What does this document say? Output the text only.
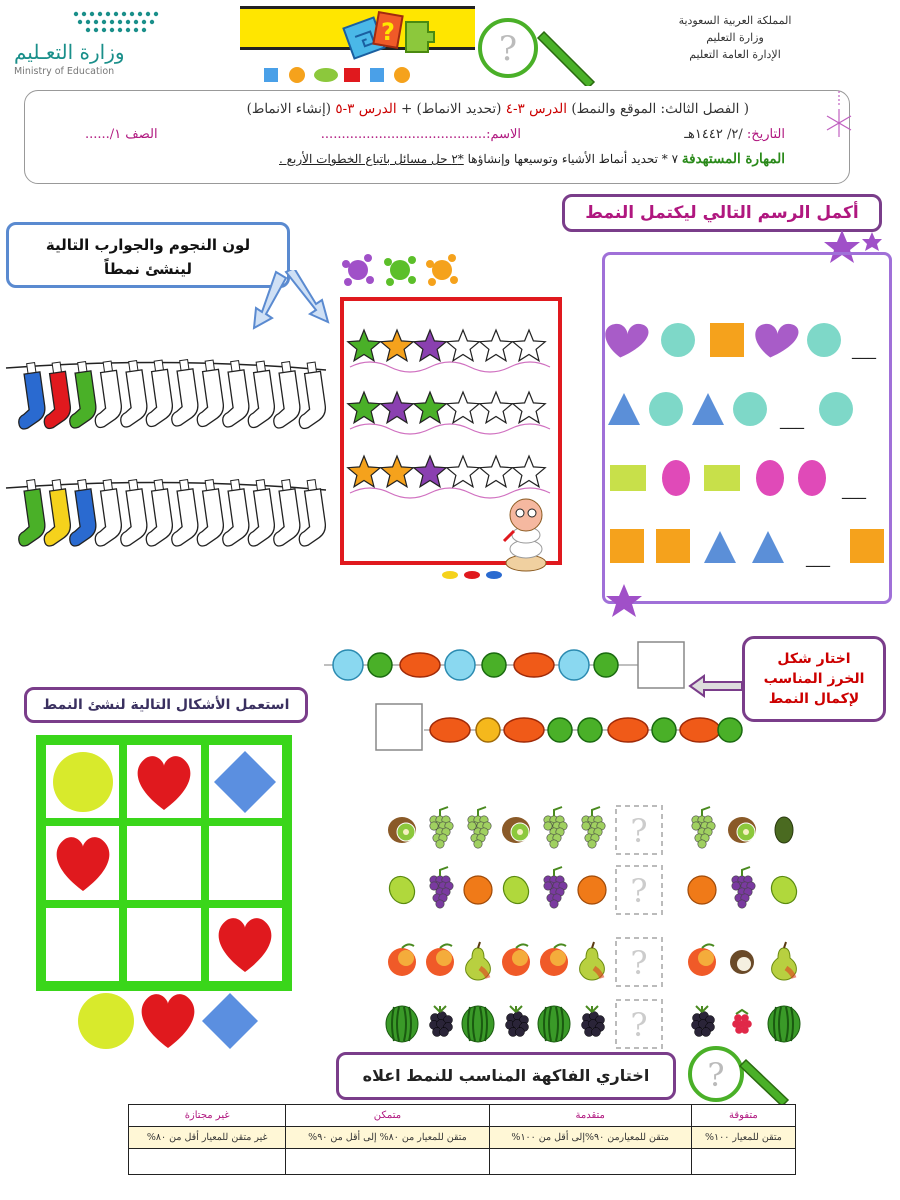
المملكة العربية السعودية
وزارة التعليم
الإدارة العامة التعليم
وزارة التعـليم
Ministry of Education
?	?
( الفصل الثالث: الموقع والنمط) الدرس ٣-٤ (تحديد الانماط) + الدرس ٣-٥ (إنشاء الانماط)
التاريخ: /٢/ ١٤٤٢هـ
الاسم:........................................
الصف ١/......
المهارة المستهدفة ٧ * تحديد أنماط الأشياء وتوسيعها وإنشاؤها *٢ حل مسائل باتباع الخطوات الأربع .
أكمل الرسم التالي ليكتمل النمط
___
___
___
___
لون النجوم والجوارب التالية
لينشئ نمطاً
اختار شكل
الخرز المناسب
لإكمال النمط
استعمل الأشكال التالية لنشئ النمط
?
?
?
?
اختاري الفاكهة المناسب للنمط اعلاه	?
متفوقة	متقدمة	متمكن	غير مجتازة
متقن للمعيار ١٠٠%	متقن للمعيارمن ٩٠%إلى أقل من ١٠٠%	متقن للمعيار من ٨٠% إلى أقل من ٩٠%	غير متقن للمعيار أقل من ٨٠%
